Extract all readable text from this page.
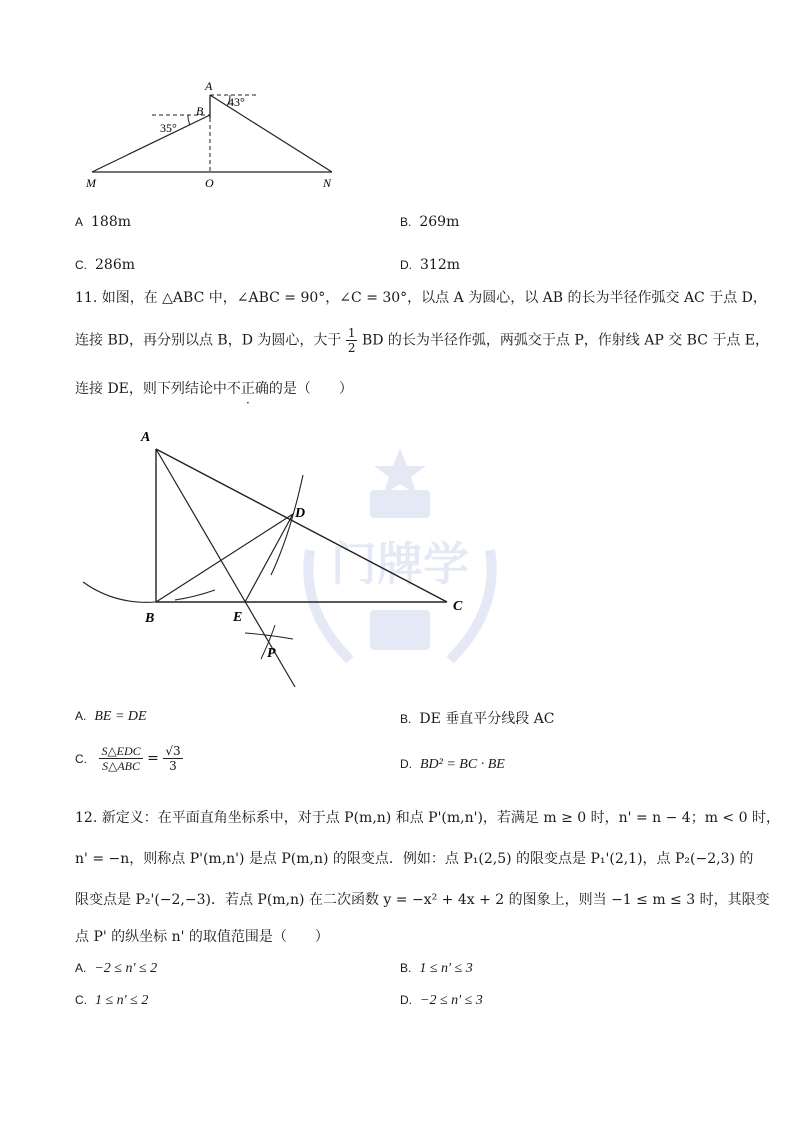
A
B
35°
43°
M	O	N
A 188m	B. 269m
C. 286m	D. 312m
11. 如图，在 △ABC 中，∠ABC = 90°，∠C = 30°，以点 A 为圆心，以 AB 的长为半径作弧交 AC 于点 D，
连接 BD，再分别以点 B，D 为圆心，大于 $\frac{1}{2}$ BD 的长为半径作弧，两弧交于点 P，作射线 AP 交 BC 于点 E，
连接 DE，则下列结论中不正确的是（　　）
门牌学
A
B
C
D
E
P
A. BE = DE	B. DE 垂直平分线段 AC
C. $\frac{\text{S△EDC}}{\text{S△ABC}} = \frac{√3}{3}$	D. BD² = BC · BE
12. 新定义：在平面直角坐标系中，对于点 P(m,n) 和点 P'(m,n')，若满足 m ≥ 0 时，n' = n − 4；m < 0 时，
n' = −n，则称点 P'(m,n') 是点 P(m,n) 的限变点．例如：点 P₁(2,5) 的限变点是 P₁'(2,1)，点 P₂(−2,3) 的
限变点是 P₂'(−2,−3)．若点 P(m,n) 在二次函数 y = −x² + 4x + 2 的图象上，则当 −1 ≤ m ≤ 3 时，其限变
点 P' 的纵坐标 n' 的取值范围是（　　）
A. −2 ≤ n' ≤ 2	B. 1 ≤ n' ≤ 3
C. 1 ≤ n' ≤ 2	D. −2 ≤ n' ≤ 3
